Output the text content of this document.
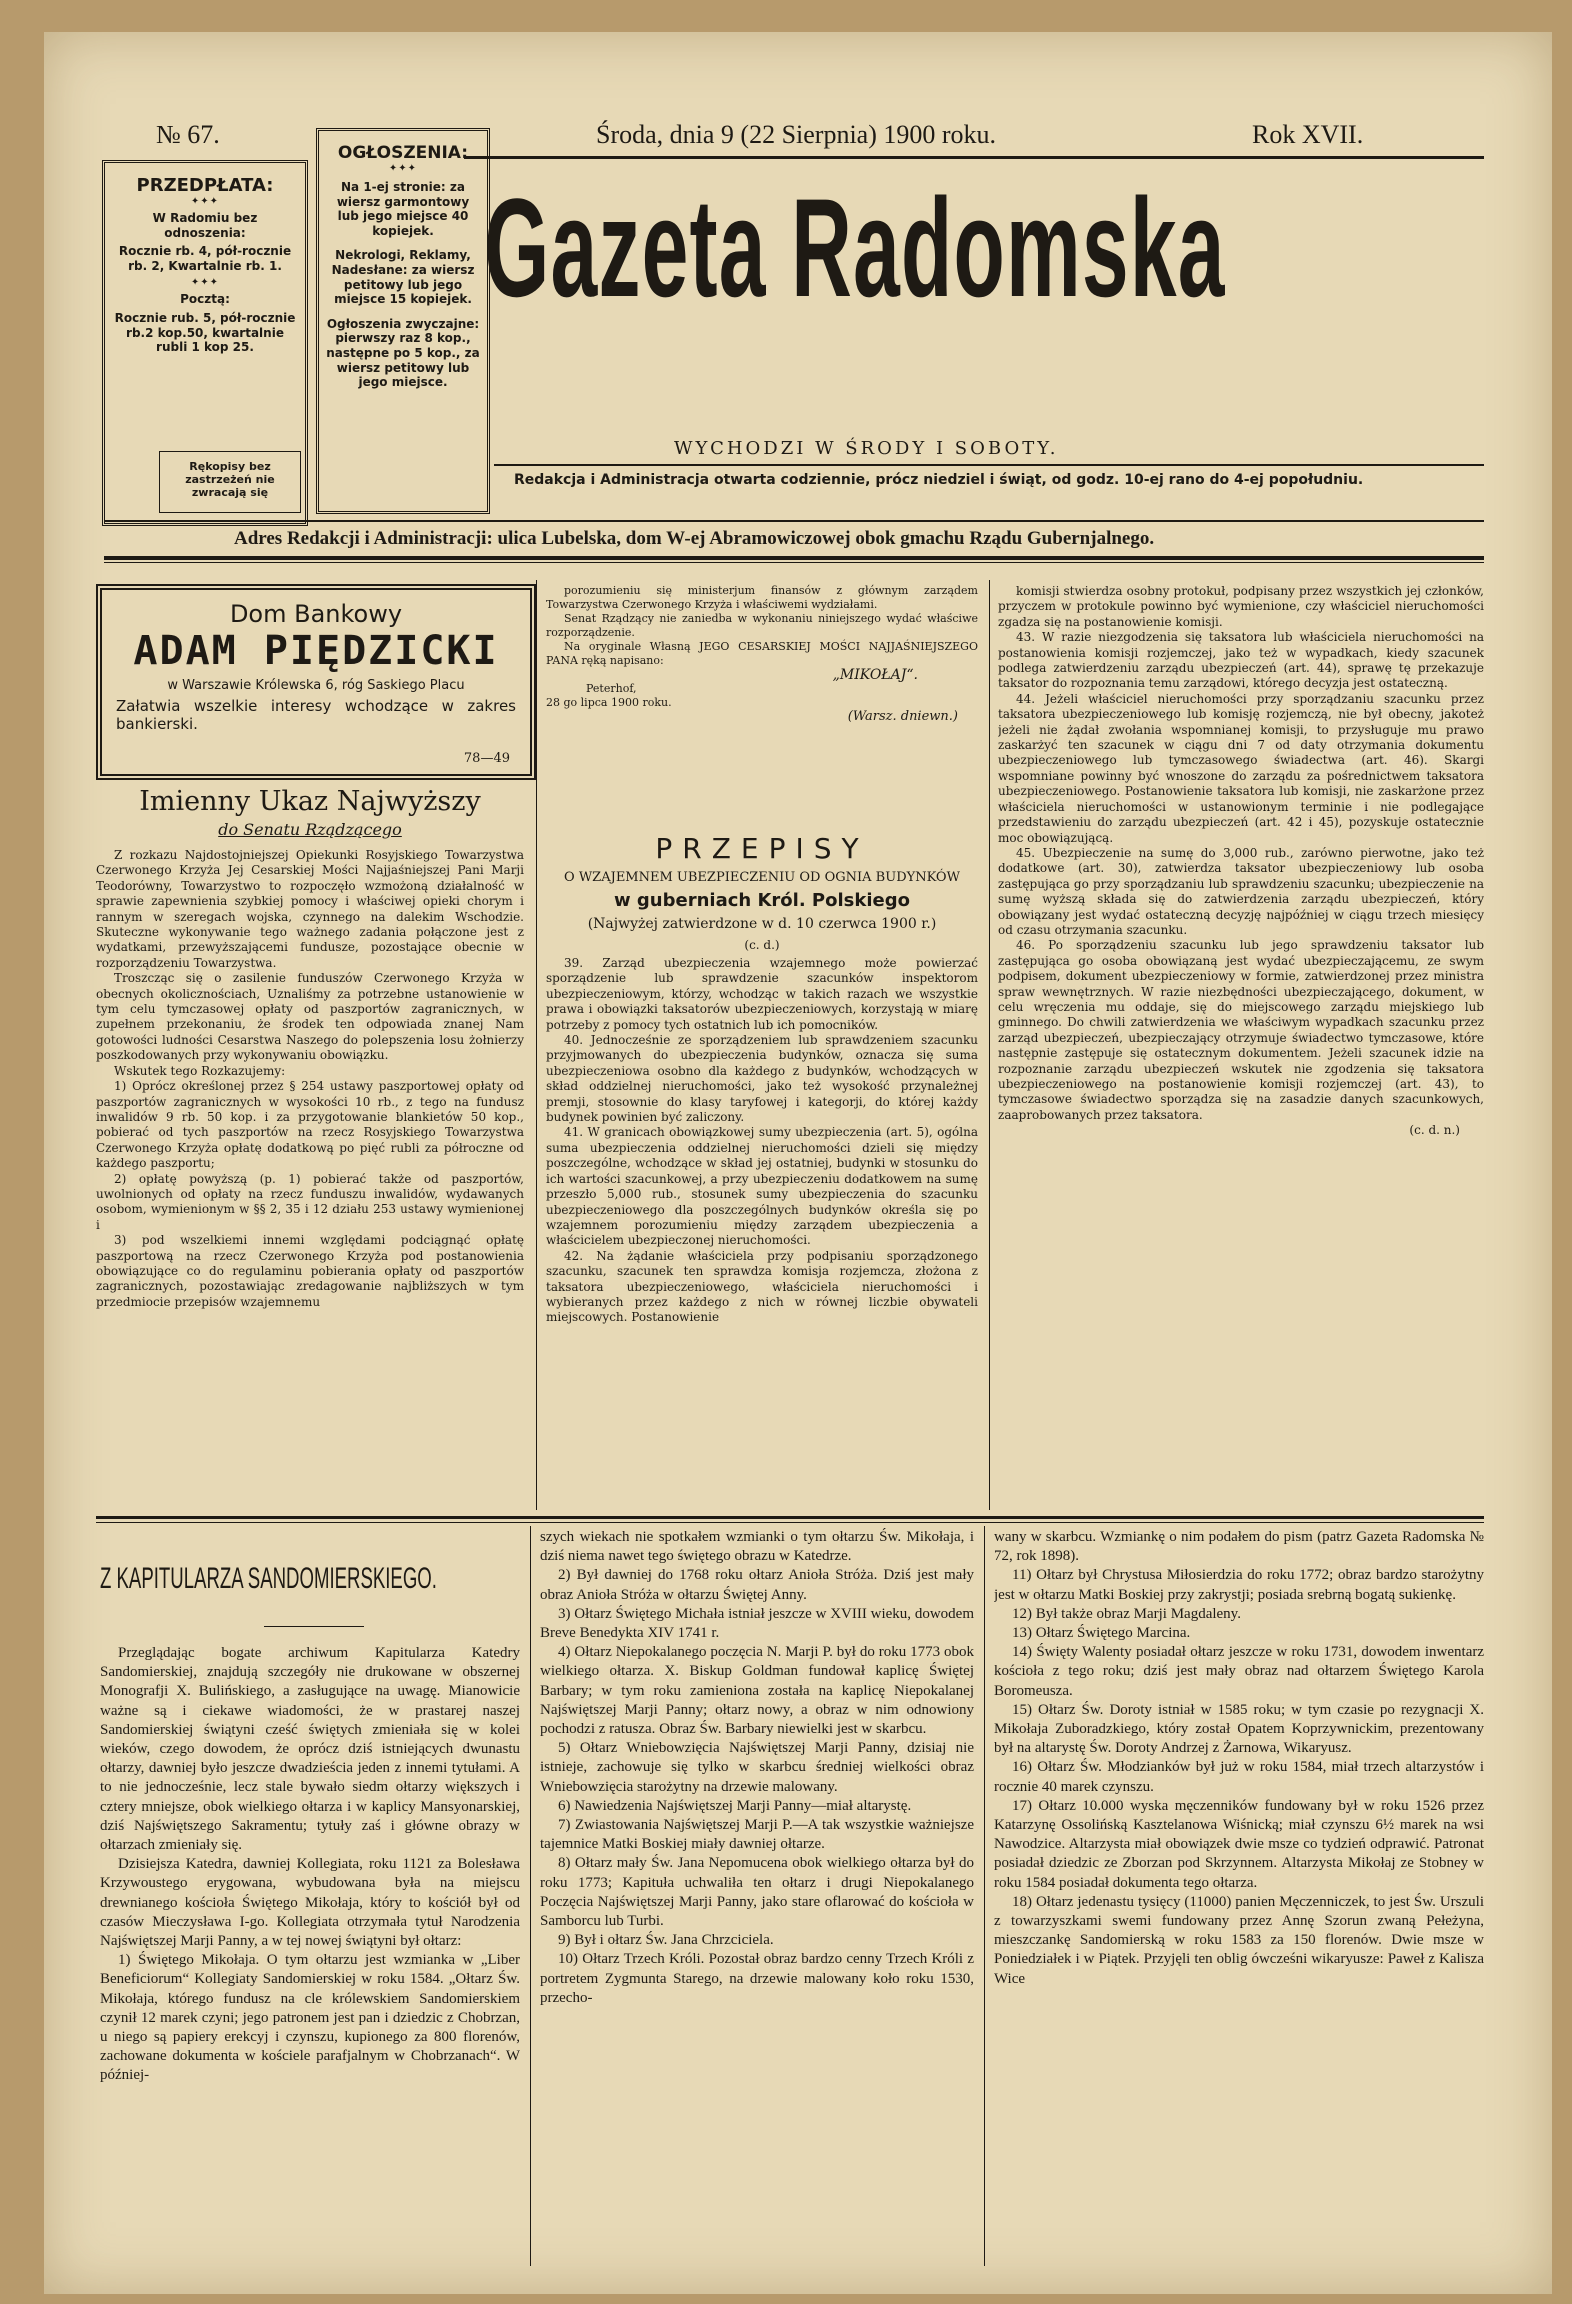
№ 67.	Środa, dnia 9 (22 Sierpnia) 1900 roku.	Rok XVII.
PRZEDPŁATA:
✦✦✦
W Radomiu bez odnoszenia:
Rocznie rb. 4, pół-rocznie rb. 2, Kwartalnie rb. 1.
✦✦✦
Pocztą:
Rocznie rub. 5, pół-rocznie rb.2 kop.50, kwartalnie rubli 1 kop 25.
Rękopisy bez zastrzeżeń nie zwracają się
OGŁOSZENIA:
✦✦✦
Na 1-ej stronie: za wiersz garmontowy lub jego miejsce 40 kopiejek.
Nekrologi, Reklamy, Nadesłane: za wiersz petitowy lub jego miejsce 15 kopiejek.
Ogłoszenia zwyczajne: pierwszy raz 8 kop., następne po 5 kop., za wiersz petitowy lub jego miejsce.
Gazeta Radomska
WYCHODZI W ŚRODY I SOBOTY.
Redakcja i Administracja otwarta codziennie, prócz niedziel i świąt, od godz. 10-ej rano do 4-ej popołudniu.
Adres Redakcji i Administracji: ulica Lubelska, dom W-ej Abramowiczowej obok gmachu Rządu Gubernjalnego.
Dom Bankowy
ADAM PIĘDZICKI
w Warszawie Królewska 6, róg Saskiego Placu
Załatwia wszelkie interesy wchodzące w zakres bankierski.
78—49
Imienny Ukaz Najwyższy
do Senatu Rządzącego

Z rozkazu Najdostojniejszej Opiekunki Rosyjskiego Towarzystwa Czerwonego Krzyża Jej Cesarskiej Mości Najjaśniejszej Pani Marji Teodorówny, Towarzystwo to rozpoczęło wzmożoną działalność w sprawie zapewnienia szybkiej pomocy i właściwej opieki chorym i rannym w szeregach wojska, czynnego na dalekim Wschodzie. Skuteczne wykonywanie tego ważnego zadania połączone jest z wydatkami, przewyższającemi fundusze, pozostające obecnie w rozporządzeniu Towarzystwa.

Troszcząc się o zasilenie funduszów Czerwonego Krzyża w obecnych okolicznościach, Uznaliśmy za potrzebne ustanowienie w tym celu tymczasowej opłaty od paszportów zagranicznych, w zupełnem przekonaniu, że środek ten odpowiada znanej Nam gotowości ludności Cesarstwa Naszego do polepszenia losu żołnierzy poszkodowanych przy wykonywaniu obowiązku.

Wskutek tego Rozkazujemy:

1) Oprócz określonej przez § 254 ustawy paszportowej opłaty od paszportów zagranicznych w wysokości 10 rb., z tego na fundusz inwalidów 9 rb. 50 kop. i za przygotowanie blankietów 50 kop., pobierać od tych paszportów na rzecz Rosyjskiego Towarzystwa Czerwonego Krzyża opłatę dodatkową po pięć rubli za półroczne od każdego paszportu;

2) opłatę powyższą (p. 1) pobierać także od paszportów, uwolnionych od opłaty na rzecz funduszu inwalidów, wydawanych osobom, wymienionym w §§ 2, 35 i 12 działu 253 ustawy wymienionej i

3) pod wszelkiemi innemi względami podciągnąć opłatę paszportową na rzecz Czerwonego Krzyża pod postanowienia obowiązujące co do regulaminu pobierania opłaty od paszportów zagranicznych, pozostawiając zredagowanie najbliższych w tym przedmiocie przepisów wzajemnemu

porozumieniu się ministerjum finansów z głównym zarządem Towarzystwa Czerwonego Krzyża i właściwemi wydziałami.

Senat Rządzący nie zaniedba w wykonaniu niniejszego wydać właściwe rozporządzenie.

Na oryginale Własną JEGO CESARSKIEJ MOŚCI NAJJAŚNIEJSZEGO PANA ręką napisano:

„MIKOŁAJ“.
Peterhof,
28 go lipca 1900 roku.
(Warsz. dniewn.)
PRZEPISY
O WZAJEMNEM UBEZPIECZENIU OD OGNIA BUDYNKÓW
w guberniach Król. Polskiego
(Najwyżej zatwierdzone w d. 10 czerwca 1900 r.)
(c. d.)

39. Zarząd ubezpieczenia wzajemnego może powierzać sporządzenie lub sprawdzenie szacunków inspektorom ubezpieczeniowym, którzy, wchodząc w takich razach we wszystkie prawa i obowiązki taksatorów ubezpieczeniowych, korzystają w miarę potrzeby z pomocy tych ostatnich lub ich pomocników.

40. Jednocześnie ze sporządzeniem lub sprawdzeniem szacunku przyjmowanych do ubezpieczenia budynków, oznacza się suma ubezpieczeniowa osobno dla każdego z budynków, wchodzących w skład oddzielnej nieruchomości, jako też wysokość przynależnej premji, stosownie do klasy taryfowej i kategorji, do której każdy budynek powinien być zaliczony.

41. W granicach obowiązkowej sumy ubezpieczenia (art. 5), ogólna suma ubezpieczenia oddzielnej nieruchomości dzieli się między poszczególne, wchodzące w skład jej ostatniej, budynki w stosunku do ich wartości szacunkowej, a przy ubezpieczeniu dodatkowem na sumę przeszło 5,000 rub., stosunek sumy ubezpieczenia do szacunku ubezpieczeniowego dla poszczególnych budynków określa się po wzajemnem porozumieniu między zarządem ubezpieczenia a właścicielem ubezpieczonej nieruchomości.

42. Na żądanie właściciela przy podpisaniu sporządzonego szacunku, szacunek ten sprawdza komisja rozjemcza, złożona z taksatora ubezpieczeniowego, właściciela nieruchomości i wybieranych przez każdego z nich w równej liczbie obywateli miejscowych. Postanowienie

komisji stwierdza osobny protokuł, podpisany przez wszystkich jej członków, przyczem w protokule powinno być wymienione, czy właściciel nieruchomości zgadza się na postanowienie komisji.

43. W razie niezgodzenia się taksatora lub właściciela nieruchomości na postanowienia komisji rozjemczej, jako też w wypadkach, kiedy szacunek podlega zatwierdzeniu zarządu ubezpieczeń (art. 44), sprawę tę przekazuje taksator do rozpoznania temu zarządowi, którego decyzja jest ostateczną.

44. Jeżeli właściciel nieruchomości przy sporządzaniu szacunku przez taksatora ubezpieczeniowego lub komisję rozjemczą, nie był obecny, jakoteż jeżeli nie żądał zwołania wspomnianej komisji, to przysługuje mu prawo zaskarżyć ten szacunek w ciągu dni 7 od daty otrzymania dokumentu ubezpieczeniowego lub tymczasowego świadectwa (art. 46). Skargi wspomniane powinny być wnoszone do zarządu za pośrednictwem taksatora ubezpieczeniowego. Postanowienie taksatora lub komisji, nie zaskarżone przez właściciela nieruchomości w ustanowionym terminie i nie podlegające przedstawieniu do zarządu ubezpieczeń (art. 42 i 45), pozyskuje ostatecznie moc obowiązującą.

45. Ubezpieczenie na sumę do 3,000 rub., zarówno pierwotne, jako też dodatkowe (art. 30), zatwierdza taksator ubezpieczeniowy lub osoba zastępująca go przy sporządzaniu lub sprawdzeniu szacunku; ubezpieczenie na sumę wyższą składa się do zatwierdzenia zarządu ubezpieczeń, który obowiązany jest wydać ostateczną decyzję najpóźniej w ciągu trzech miesięcy od czasu otrzymania szacunku.

46. Po sporządzeniu szacunku lub jego sprawdzeniu taksator lub zastępująca go osoba obowiązaną jest wydać ubezpieczającemu, ze swym podpisem, dokument ubezpieczeniowy w formie, zatwierdzonej przez ministra spraw wewnętrznych. W razie niezbędności ubezpieczającego, dokument, w celu wręczenia mu oddaje, się do miejscowego zarządu miejskiego lub gminnego. Do chwili zatwierdzenia we właściwym wypadkach szacunku przez zarząd ubezpieczeń, ubezpieczający otrzymuje świadectwo tymczasowe, które następnie zastępuje się ostatecznym dokumentem. Jeżeli szacunek idzie na rozpoznanie zarządu ubezpieczeń wskutek nie zgodzenia się taksatora ubezpieczeniowego na postanowienie komisji rozjemczej (art. 43), to tymczasowe świadectwo sporządza się na zasadzie danych szacunkowych, zaaprobowanych przez taksatora.

(c. d. n.)
Z KAPITULARZA SANDOMIERSKIEGO.

Przeglądając bogate archiwum Kapitularza Katedry Sandomierskiej, znajdują szczegóły nie drukowane w obszernej Monografji X. Bulińskiego, a zasługujące na uwagę. Mianowicie ważne są i ciekawe wiadomości, że w prastarej naszej Sandomierskiej świątyni cześć świętych zmieniała się w kolei wieków, czego dowodem, że oprócz dziś istniejących dwunastu ołtarzy, dawniej było jeszcze dwadzieścia jeden z innemi tytułami. A to nie jednocześnie, lecz stale bywało siedm ołtarzy większych i cztery mniejsze, obok wielkiego ołtarza i w kaplicy Mansyonarskiej, dziś Najświętszego Sakramentu; tytuły zaś i główne obrazy w ołtarzach zmieniały się.

Dzisiejsza Katedra, dawniej Kollegiata, roku 1121 za Bolesława Krzywoustego erygowana, wybudowana była na miejscu drewnianego kościoła Świętego Mikołaja, który to kościół był od czasów Mieczysława I-go. Kollegiata otrzymała tytuł Narodzenia Najświętszej Marji Panny, a w tej nowej świątyni był ołtarz:

1) Świętego Mikołaja. O tym ołtarzu jest wzmianka w „Liber Beneficiorum“ Kollegiaty Sandomierskiej w roku 1584. „Ołtarz Św. Mikołaja, którego fundusz na cle królewskiem Sandomierskiem czynił 12 marek czyni; jego patronem jest pan i dziedzic z Chobrzan, u niego są papiery erekcyj i czynszu, kupionego za 800 florenów, zachowane dokumenta w kościele parafjalnym w Chobrzanach“. W później-

szych wiekach nie spotkałem wzmianki o tym ołtarzu Św. Mikołaja, i dziś niema nawet tego świętego obrazu w Katedrze.

2) Był dawniej do 1768 roku ołtarz Anioła Stróża. Dziś jest mały obraz Anioła Stróża w ołtarzu Świętej Anny.

3) Ołtarz Świętego Michała istniał jeszcze w XVIII wieku, dowodem Breve Benedykta XIV 1741 r.

4) Ołtarz Niepokalanego poczęcia N. Marji P. był do roku 1773 obok wielkiego ołtarza. X. Biskup Goldman fundował kaplicę Świętej Barbary; w tym roku zamieniona została na kaplicę Niepokalanej Najświętszej Marji Panny; ołtarz nowy, a obraz w nim odnowiony pochodzi z ratusza. Obraz Św. Barbary niewielki jest w skarbcu.

5) Ołtarz Wniebowzięcia Najświętszej Marji Panny, dzisiaj nie istnieje, zachowuje się tylko w skarbcu średniej wielkości obraz Wniebowzięcia starożytny na drzewie malowany.

6) Nawiedzenia Najświętszej Marji Panny—miał altarystę.

7) Zwiastowania Najświętszej Marji P.—A tak wszystkie ważniejsze tajemnice Matki Boskiej miały dawniej ołtarze.

8) Ołtarz mały Św. Jana Nepomucena obok wielkiego ołtarza był do roku 1773; Kapituła uchwaliła ten ołtarz i drugi Niepokalanego Poczęcia Najświętszej Marji Panny, jako stare oflarować do kościoła w Samborcu lub Turbi.

9) Był i ołtarz Św. Jana Chrzciciela.

10) Ołtarz Trzech Króli. Pozostał obraz bardzo cenny Trzech Króli z portretem Zygmunta Starego, na drzewie malowany koło roku 1530, przecho-

wany w skarbcu. Wzmiankę o nim podałem do pism (patrz Gazeta Radomska № 72, rok 1898).

11) Ołtarz był Chrystusa Miłosierdzia do roku 1772; obraz bardzo starożytny jest w ołtarzu Matki Boskiej przy zakrystji; posiada srebrną bogatą sukienkę.

12) Był także obraz Marji Magdaleny.

13) Ołtarz Świętego Marcina.

14) Święty Walenty posiadał ołtarz jeszcze w roku 1731, dowodem inwentarz kościoła z tego roku; dziś jest mały obraz nad ołtarzem Świętego Karola Boromeusza.

15) Ołtarz Św. Doroty istniał w 1585 roku; w tym czasie po rezygnacji X. Mikołaja Zuboradzkiego, który został Opatem Koprzywnickim, prezentowany był na altarystę Św. Doroty Andrzej z Żarnowa, Wikaryusz.

16) Ołtarz Św. Młodzianków był już w roku 1584, miał trzech altarzystów i rocznie 40 marek czynszu.

17) Ołtarz 10.000 wyska męczenników fundowany był w roku 1526 przez Katarzynę Ossolińską Kasztelanowa Wiśnicką; miał czynszu 6½ marek na wsi Nawodzice. Altarzysta miał obowiązek dwie msze co tydzień odprawić. Patronat posiadał dziedzic ze Zborzan pod Skrzynnem. Altarzysta Mikołaj ze Stobney w roku 1584 posiadał dokumenta tego ołtarza.

18) Ołtarz jedenastu tysięcy (11000) panien Męczenniczek, to jest Św. Urszuli z towarzyszkami swemi fundowany przez Annę Szorun zwaną Pełeżyna, mieszczankę Sandomierską w roku 1583 za 150 florenów. Dwie msze w Poniedziałek i w Piątek. Przyjęli ten oblig ówcześni wikaryusze: Paweł z Kalisza Wice
